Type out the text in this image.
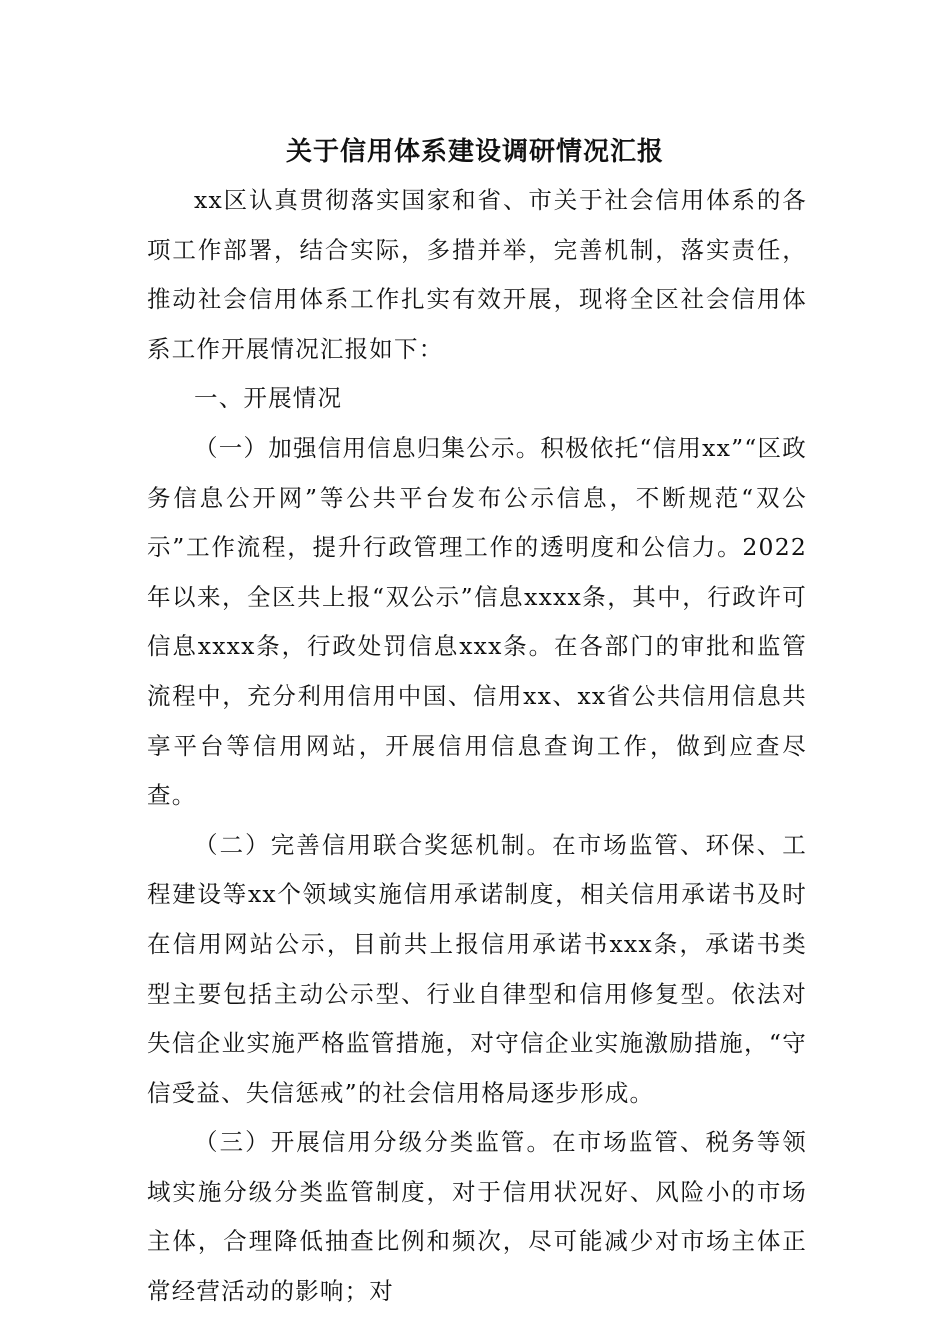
关于信用体系建设调研情况汇报

xx区认真贯彻落实国家和省、市关于社会信用体系的各项工作部署，结合实际，多措并举，完善机制，落实责任，推动社会信用体系工作扎实有效开展，现将全区社会信用体系工作开展情况汇报如下：

一、开展情况

（一）加强信用信息归集公示。积极依托“信用xx”“区政务信息公开网”等公共平台发布公示信息，不断规范“双公示”工作流程，提升行政管理工作的透明度和公信力。2022年以来，全区共上报“双公示”信息xxxx条，其中，行政许可信息xxxx条，行政处罚信息xxx条。在各部门的审批和监管流程中，充分利用信用中国、信用xx、xx省公共信用信息共享平台等信用网站，开展信用信息查询工作，做到应查尽查。

（二）完善信用联合奖惩机制。在市场监管、环保、工程建设等xx个领域实施信用承诺制度，相关信用承诺书及时在信用网站公示，目前共上报信用承诺书xxx条，承诺书类型主要包括主动公示型、行业自律型和信用修复型。依法对失信企业实施严格监管措施，对守信企业实施激励措施，“守信受益、失信惩戒”的社会信用格局逐步形成。

（三）开展信用分级分类监管。在市场监管、税务等领域实施分级分类监管制度，对于信用状况好、风险小的市场主体，合理降低抽查比例和频次，尽可能减少对市场主体正常经营活动的影响；对
